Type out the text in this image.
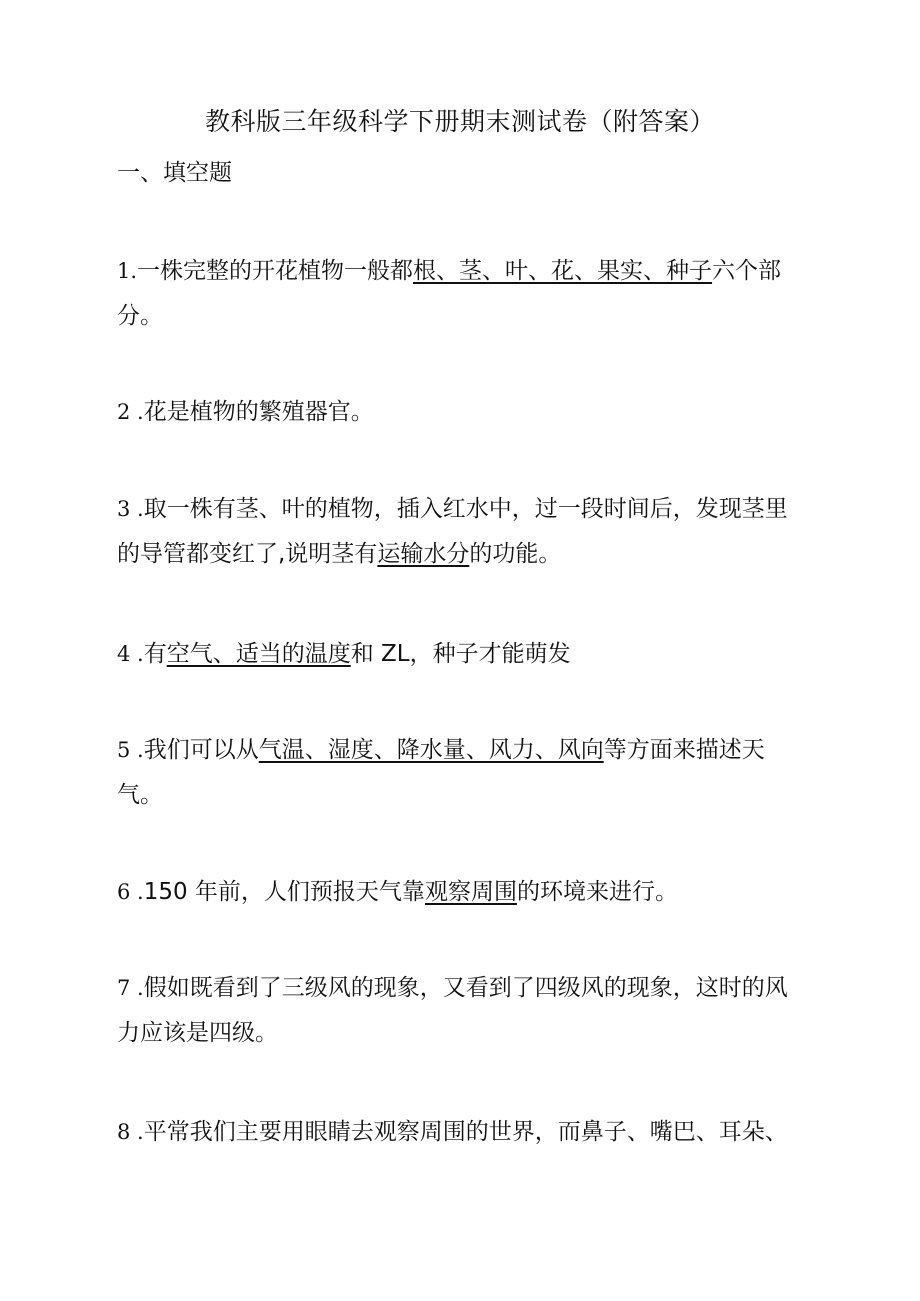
教科版三年级科学下册期末测试卷（附答案）
一、填空题

1.一株完整的开花植物一般都根、茎、叶、花、果实、种子六个部
分。

2 .花是植物的繁殖器官。

3 .取一株有茎、叶的植物，插入红水中，过一段时间后，发现茎里
的导管都变红了,说明茎有运输水分的功能。

4 .有空气、适当的温度和 ZL，种子才能萌发

5 .我们可以从气温、湿度、降水量、风力、风向等方面来描述天
气。

6 .150 年前，人们预报天气靠观察周围的环境来进行。

7 .假如既看到了三级风的现象，又看到了四级风的现象，这时的风
力应该是四级。

8 .平常我们主要用眼睛去观察周围的世界，而鼻子、嘴巴、耳朵、
